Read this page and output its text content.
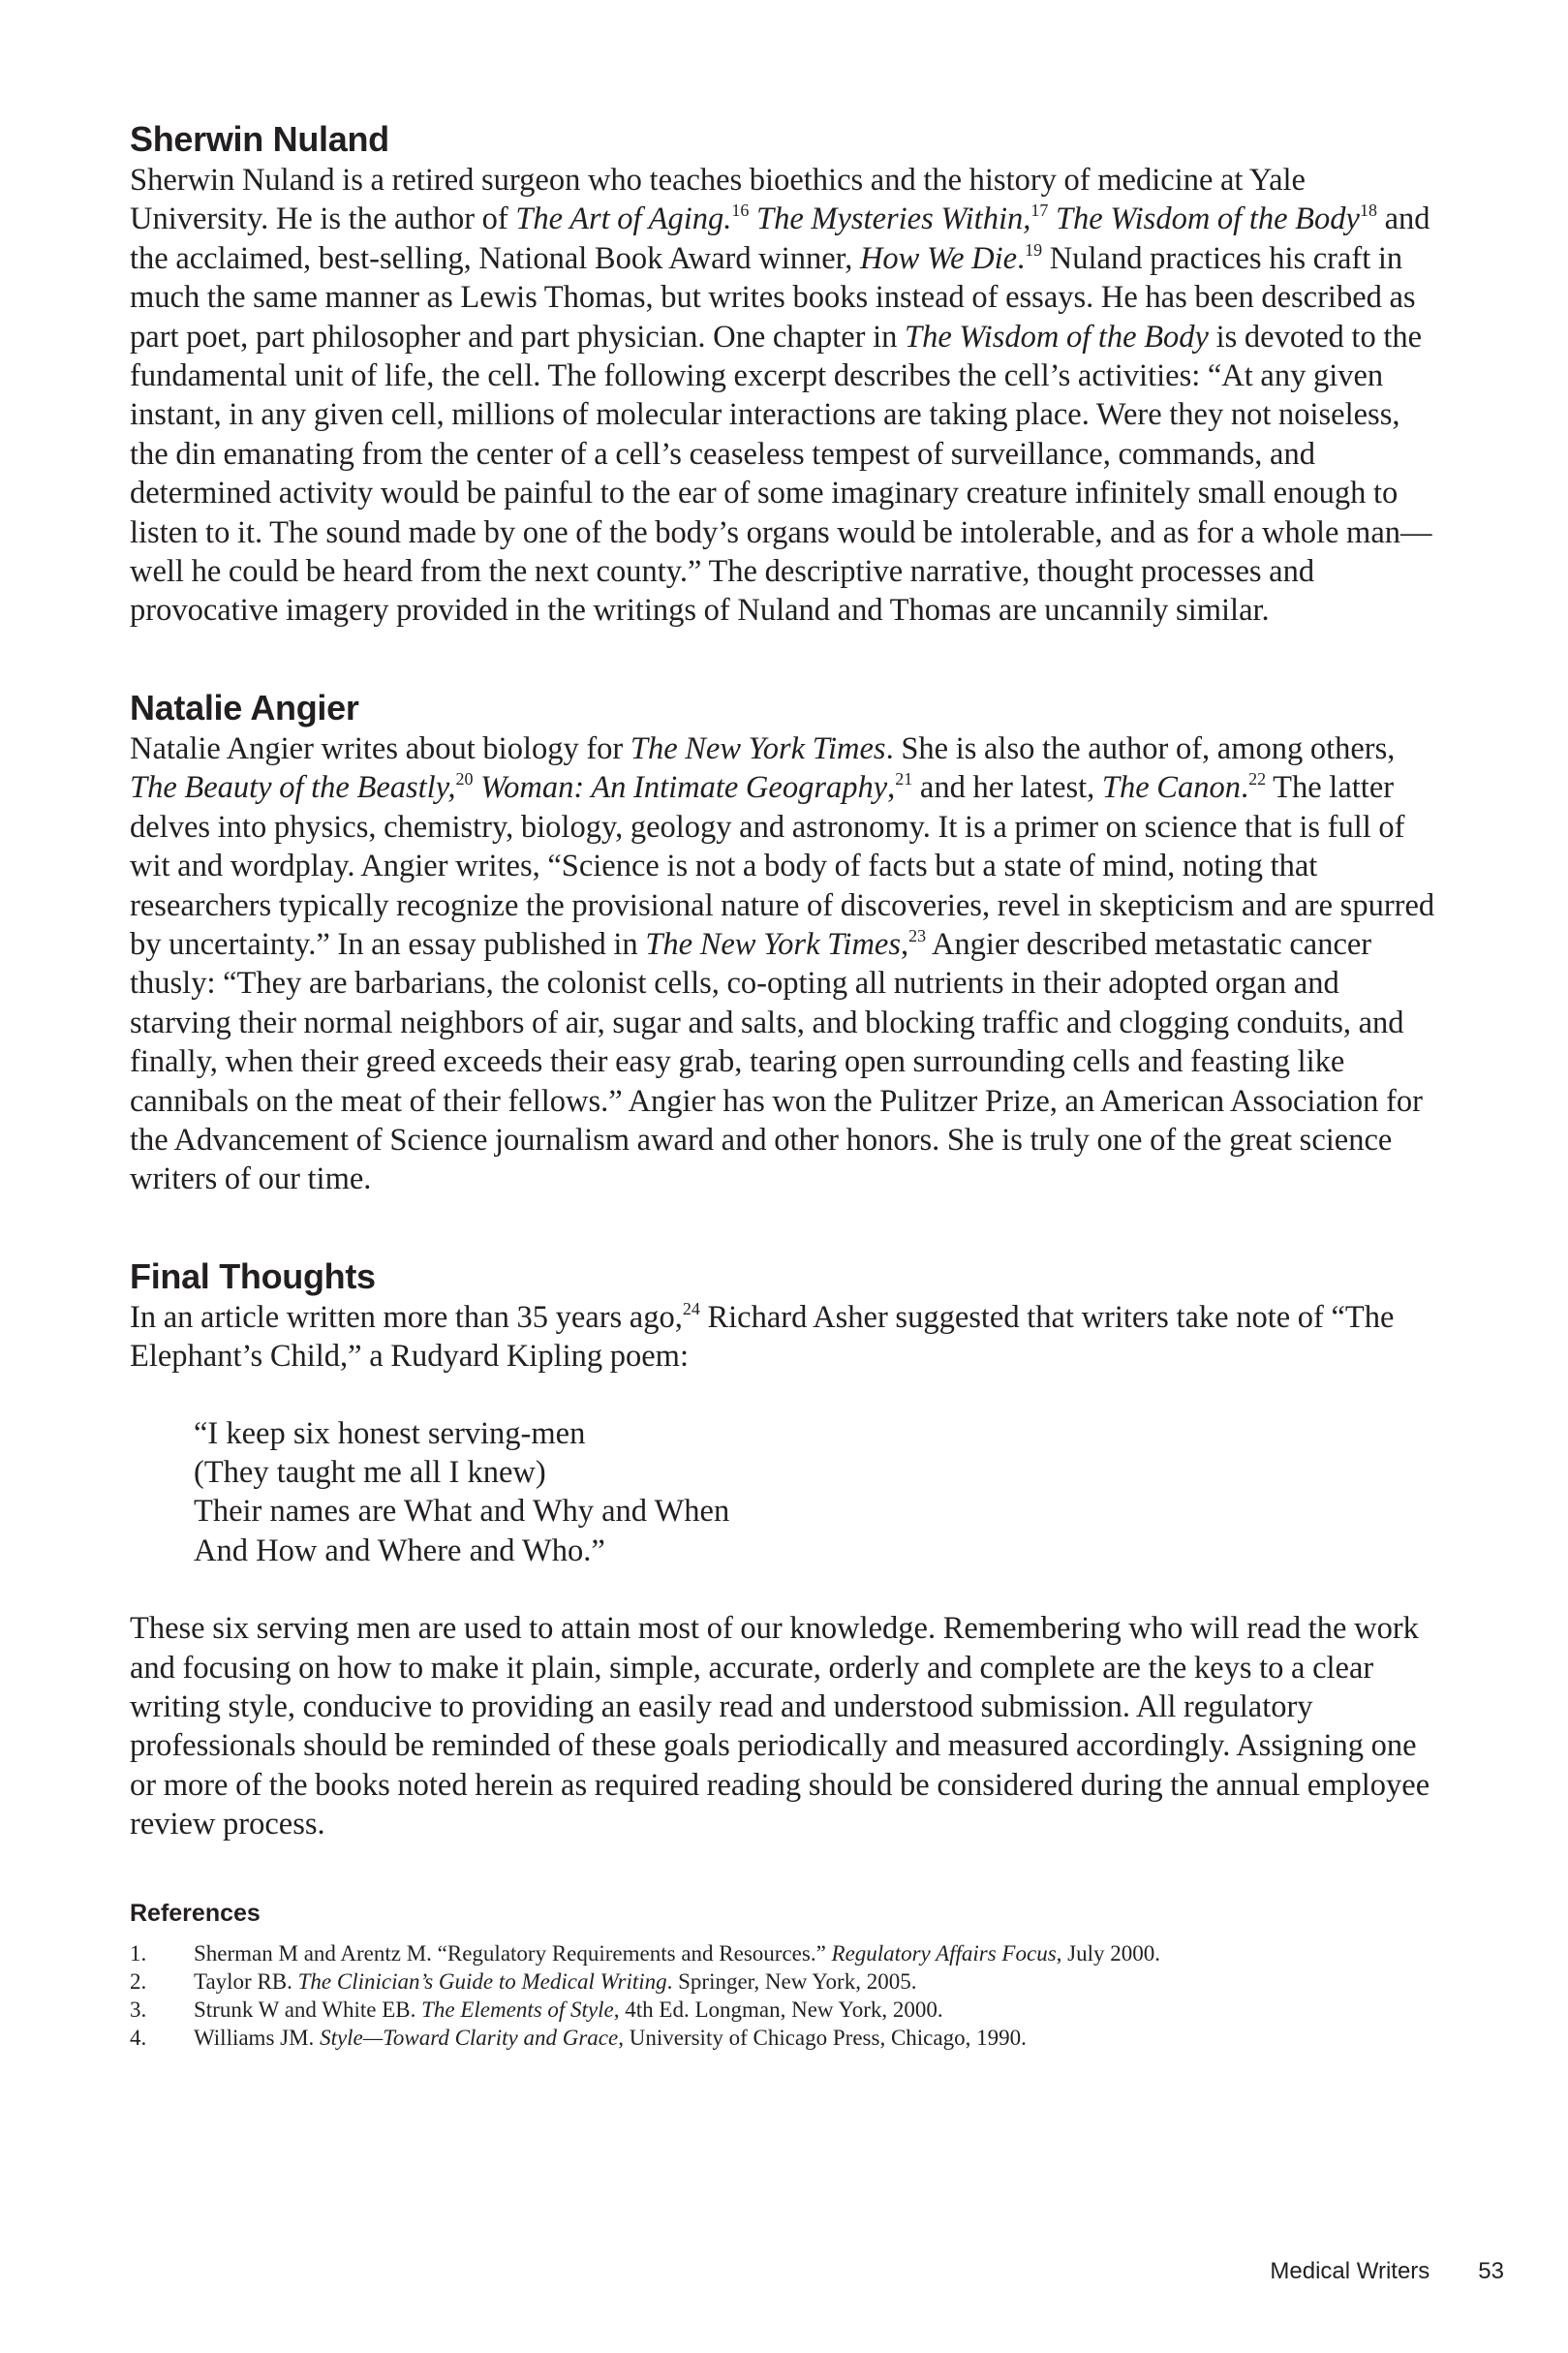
Sherwin Nuland

Sherwin Nuland is a retired surgeon who teaches bioethics and the history of medicine at Yale University. He is the author of The Art of Aging.$^{16}$ The Mysteries Within,$^{17}$ The Wisdom of the Body$^{18}$ and the acclaimed, best-selling, National Book Award winner, How We Die.$^{19}$ Nuland practices his craft in much the same manner as Lewis Thomas, but writes books instead of essays. He has been described as part poet, part philosopher and part physician. One chapter in The Wisdom of the Body is devoted to the fundamental unit of life, the cell. The following excerpt describes the cell’s activities: “At any given instant, in any given cell, millions of molecular interactions are taking place. Were they not noiseless, the din emanating from the center of a cell’s ceaseless tempest of surveillance, commands, and determined activity would be painful to the ear of some imaginary creature infinitely small enough to listen to it. The sound made by one of the body’s organs would be intolerable, and as for a whole man—well he could be heard from the next county.” The descriptive narrative, thought processes and provocative imagery provided in the writings of Nuland and Thomas are uncannily similar.

Natalie Angier

Natalie Angier writes about biology for The New York Times. She is also the author of, among others, The Beauty of the Beastly,$^{20}$ Woman: An Intimate Geography,$^{21}$ and her latest, The Canon.$^{22}$ The latter delves into physics, chemistry, biology, geology and astronomy. It is a primer on science that is full of wit and wordplay. Angier writes, “Science is not a body of facts but a state of mind, noting that researchers typically recognize the provisional nature of discoveries, revel in skepticism and are spurred by uncertainty.” In an essay published in The New York Times,$^{23}$ Angier described metastatic cancer thusly: “They are barbarians, the colonist cells, co-opting all nutrients in their adopted organ and starving their normal neighbors of air, sugar and salts, and blocking traffic and clogging conduits, and finally, when their greed exceeds their easy grab, tearing open surrounding cells and feasting like cannibals on the meat of their fellows.” Angier has won the Pulitzer Prize, an American Association for the Advancement of Science journalism award and other honors. She is truly one of the great science writers of our time.

Final Thoughts

In an article written more than 35 years ago,$^{24}$ Richard Asher suggested that writers take note of “The Elephant’s Child,” a Rudyard Kipling poem:

“I keep six honest serving-men
(They taught me all I knew)
Their names are What and Why and When
And How and Where and Who.”

These six serving men are used to attain most of our knowledge. Remembering who will read the work and focusing on how to make it plain, simple, accurate, orderly and complete are the keys to a clear writing style, conducive to providing an easily read and understood submission. All regulatory professionals should be reminded of these goals periodically and measured accordingly. Assigning one or more of the books noted herein as required reading should be considered during the annual employee review process.

References
1.	Sherman M and Arentz M. “Regulatory Requirements and Resources.” Regulatory Affairs Focus, July 2000.
2.	Taylor RB. The Clinician’s Guide to Medical Writing. Springer, New York, 2005.
3.	Strunk W and White EB. The Elements of Style, 4th Ed. Longman, New York, 2000.
4.	Williams JM. Style—Toward Clarity and Grace, University of Chicago Press, Chicago, 1990.
Medical Writers 53
